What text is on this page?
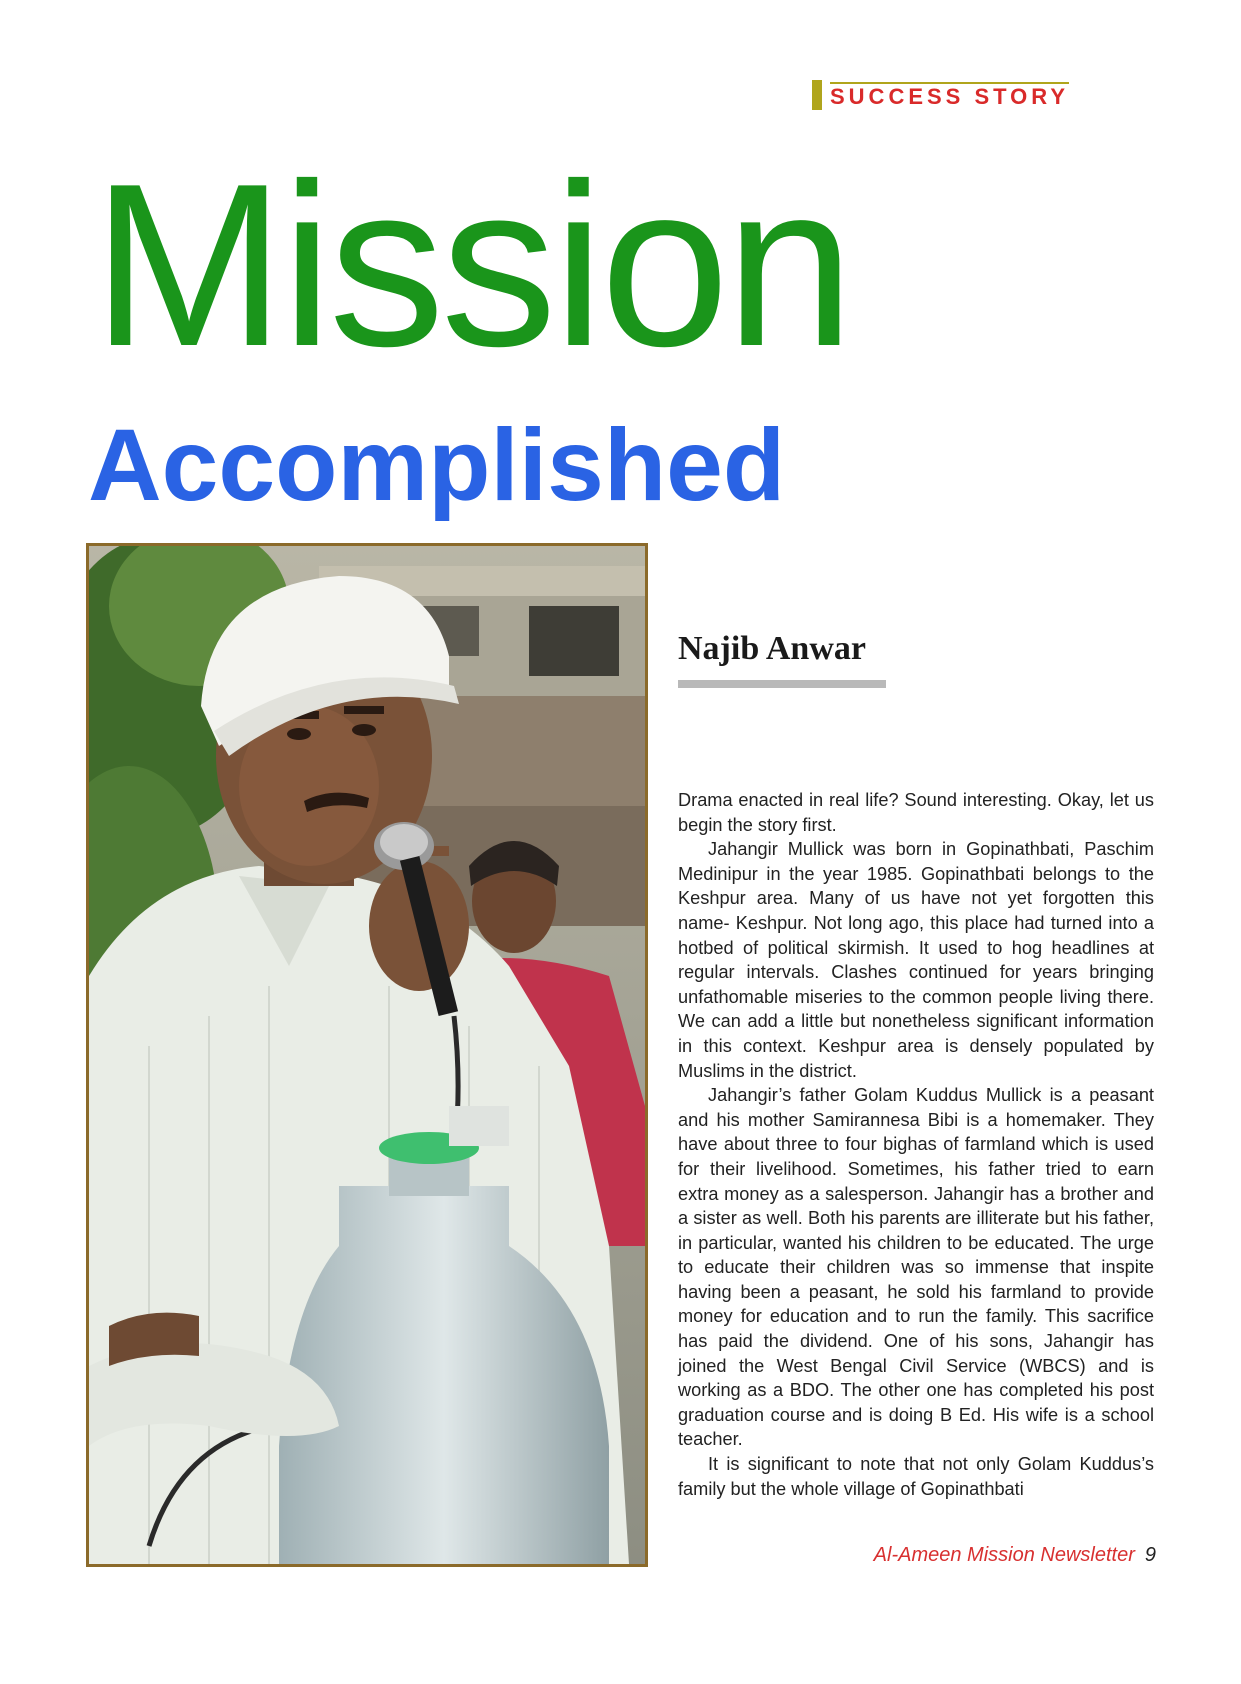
SUCCESS STORY
Mission
Accomplished
Najib Anwar

Drama enacted in real life? Sound interesting. Okay, let us begin the story first.

Jahangir Mullick was born in Gopinathbati, Paschim Medinipur in the year 1985. Gopinathbati belongs to the Keshpur area. Many of us have not yet forgotten this name- Keshpur. Not long ago, this place had turned into a hotbed of political skirmish. It used to hog headlines at regular intervals. Clashes continued for years bringing unfathomable miseries to the common people living there. We can add a little but nonetheless significant information in this context. Keshpur area is densely populated by Muslims in the district.

Jahangir’s father Golam Kuddus Mullick is a peasant and his mother Samirannesa Bibi is a homemaker. They have about three to four bighas of farmland which is used for their livelihood. Sometimes, his father tried to earn extra money as a salesperson. Jahangir has a brother and a sister as well. Both his parents are illiterate but his father, in particular, wanted his children to be educated. The urge to educate their children was so immense that inspite having been a peasant, he sold his farmland to provide money for education and to run the family. This sacrifice has paid the dividend. One of his sons, Jahangir has joined the West Bengal Civil Service (WBCS) and is working as a BDO. The other one has completed his post graduation course and is doing B Ed. His wife is a school teacher.

It is significant to note that not only Golam Kuddus’s family but the whole village of Gopinathbati

Al-Ameen Mission Newsletter 9
